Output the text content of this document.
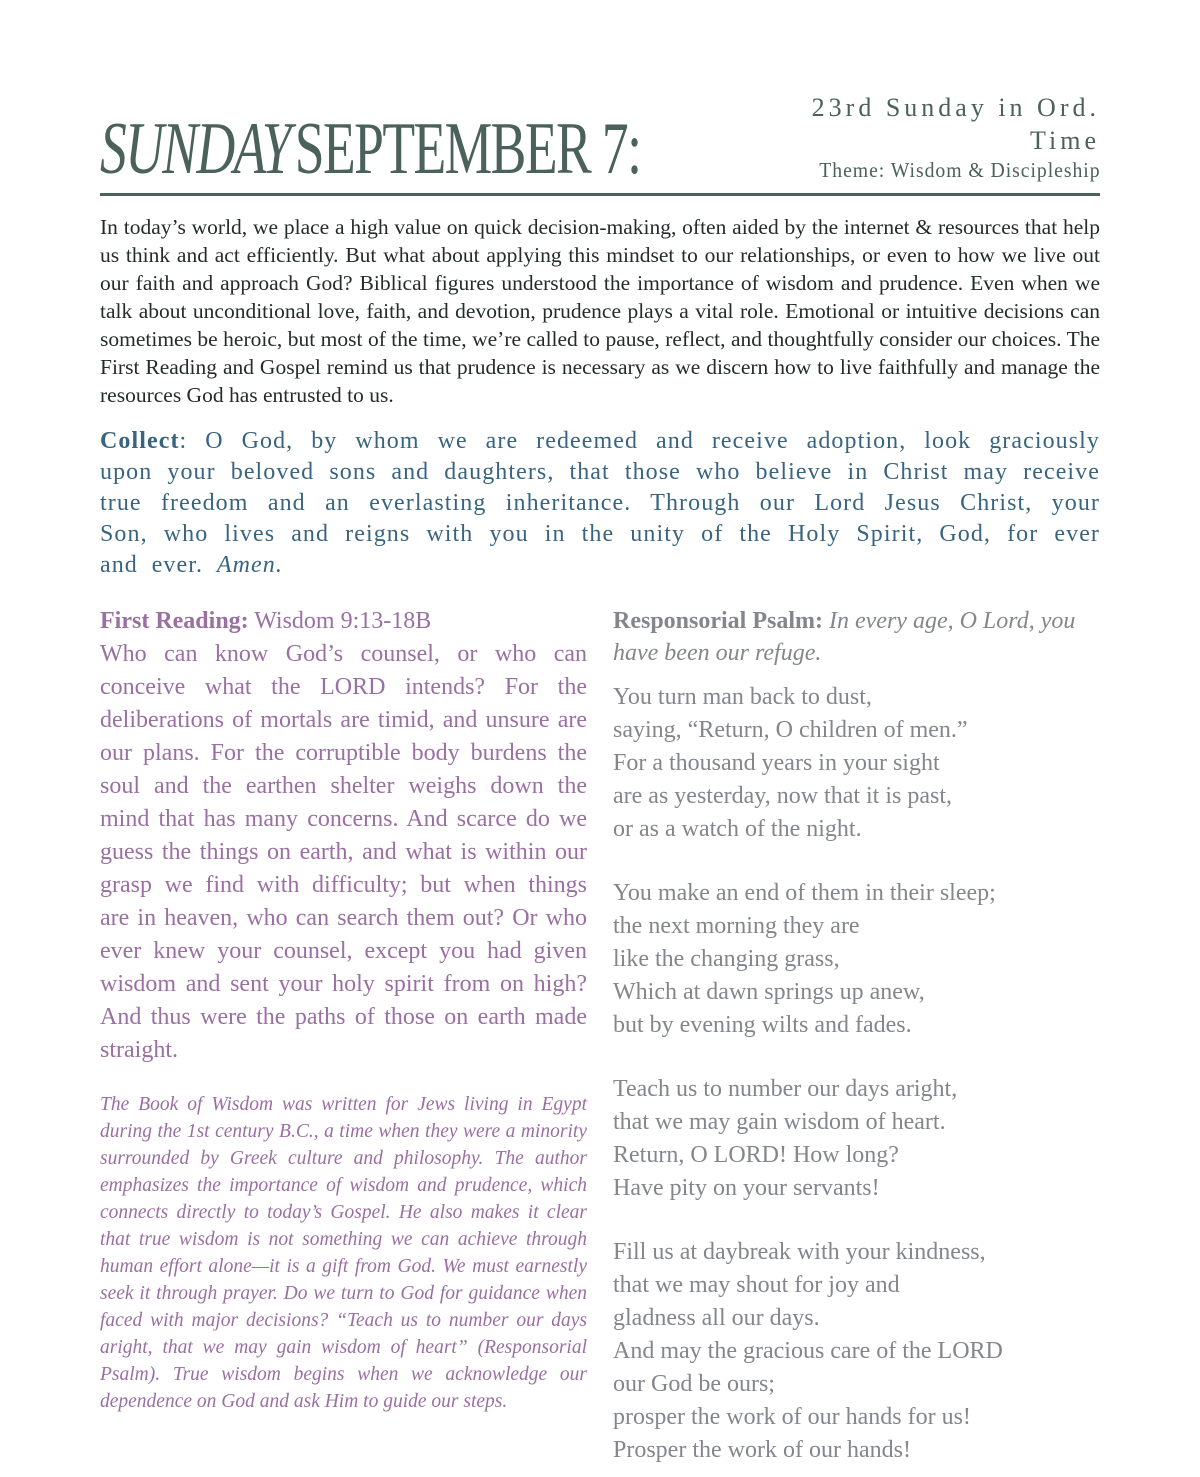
SUNDAYSEPTEMBER 7:
23rd Sunday in Ord. Time
Theme: Wisdom & Discipleship

In today’s world, we place a high value on quick decision-making, often aided by the internet & resources that help us think and act efficiently. But what about applying this mindset to our relationships, or even to how we live out our faith and approach God? Biblical figures understood the importance of wisdom and prudence. Even when we talk about unconditional love, faith, and devotion, prudence plays a vital role. Emotional or intuitive decisions can sometimes be heroic, but most of the time, we’re called to pause, reflect, and thoughtfully consider our choices. The First Reading and Gospel remind us that prudence is necessary as we discern how to live faithfully and manage the resources God has entrusted to us.

Collect: O God, by whom we are redeemed and receive adoption, look graciously upon your beloved sons and daughters, that those who believe in Christ may receive true freedom and an everlasting inheritance. Through our Lord Jesus Christ, your Son, who lives and reigns with you in the unity of the Holy Spirit, God, for ever and ever. Amen.

First Reading: Wisdom 9:13-18B

Who can know God’s counsel, or who can conceive what the LORD intends? For the deliberations of mortals are timid, and unsure are our plans. For the corruptible body burdens the soul and the earthen shelter weighs down the mind that has many concerns. And scarce do we guess the things on earth, and what is within our grasp we find with difficulty; but when things are in heaven, who can search them out? Or who ever knew your counsel, except you had given wisdom and sent your holy spirit from on high? And thus were the paths of those on earth made straight.

The Book of Wisdom was written for Jews living in Egypt during the 1st century B.C., a time when they were a minority surrounded by Greek culture and philosophy. The author emphasizes the importance of wisdom and prudence, which connects directly to today’s Gospel. He also makes it clear that true wisdom is not something we can achieve through human effort alone—it is a gift from God. We must earnestly seek it through prayer. Do we turn to God for guidance when faced with major decisions? “Teach us to number our days aright, that we may gain wisdom of heart” (Responsorial Psalm). True wisdom begins when we acknowledge our dependence on God and ask Him to guide our steps.

Responsorial Psalm: In every age, O Lord, you have been our refuge.

You turn man back to dust,
saying, “Return, O children of men.”
For a thousand years in your sight
are as yesterday, now that it is past,
or as a watch of the night.

You make an end of them in their sleep;
the next morning they are
like the changing grass,
Which at dawn springs up anew,
but by evening wilts and fades.

Teach us to number our days aright,
that we may gain wisdom of heart.
Return, O LORD! How long?
Have pity on your servants!

Fill us at daybreak with your kindness,
that we may shout for joy and
gladness all our days.
And may the gracious care of the LORD
our God be ours;
prosper the work of our hands for us!
Prosper the work of our hands!
